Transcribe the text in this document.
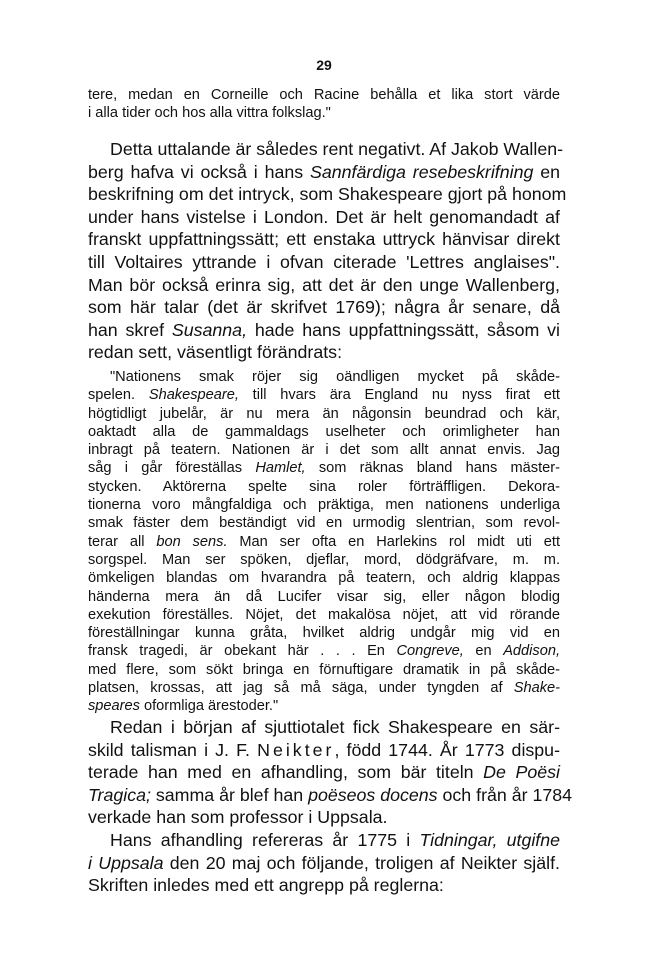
29
tere, medan en Corneille och Racine behålla et lika stort värde
i alla tider och hos alla vittra folkslag."
Detta uttalande är således rent negativt. Af Jakob Wallen-
berg hafva vi också i hans Sannfärdiga resebeskrifning en
beskrifning om det intryck, som Shakespeare gjort på honom
under hans vistelse i London. Det är helt genomandadt af
franskt uppfattningssätt; ett enstaka uttryck hänvisar direkt
till Voltaires yttrande i ofvan citerade 'Lettres anglaises".
Man bör också erinra sig, att det är den unge Wallenberg,
som här talar (det är skrifvet 1769); några år senare, då
han skref Susanna, hade hans uppfattningssätt, såsom vi
redan sett, väsentligt förändrats:
"Nationens smak röjer sig oändligen mycket på skåde-
spelen. Shakespeare, till hvars ära England nu nyss firat ett
högtidligt jubelår, är nu mera än någonsin beundrad och kär,
oaktadt alla de gammaldags uselheter och orimligheter han
inbragt på teatern. Nationen är i det som allt annat envis. Jag
såg i går föreställas Hamlet, som räknas bland hans mäster-
stycken. Aktörerna spelte sina roler förträffligen. Dekora-
tionerna voro mångfaldiga och präktiga, men nationens underliga
smak fäster dem beständigt vid en urmodig slentrian, som revol-
terar all bon sens. Man ser ofta en Harlekins rol midt uti ett
sorgspel. Man ser spöken, djeflar, mord, dödgräfvare, m. m.
ömkeligen blandas om hvarandra på teatern, och aldrig klappas
händerna mera än då Lucifer visar sig, eller någon blodig
exekution föreställes. Nöjet, det makalösa nöjet, att vid rörande
föreställningar kunna gråta, hvilket aldrig undgår mig vid en
fransk tragedi, är obekant här . . . En Congreve, en Addison,
med flere, som sökt bringa en förnuftigare dramatik in på skåde-
platsen, krossas, att jag så må säga, under tyngden af Shake-
speares oformliga ärestoder."
Redan i början af sjuttiotalet fick Shakespeare en sär-
skild talisman i J. F. Neikter, född 1744. År 1773 dispu-
terade han med en afhandling, som bär titeln De Poësi
Tragica; samma år blef han poëseos docens och från år 1784
verkade han som professor i Uppsala.
Hans afhandling refereras år 1775 i Tidningar, utgifne
i Uppsala den 20 maj och följande, troligen af Neikter själf.
Skriften inledes med ett angrepp på reglerna:
